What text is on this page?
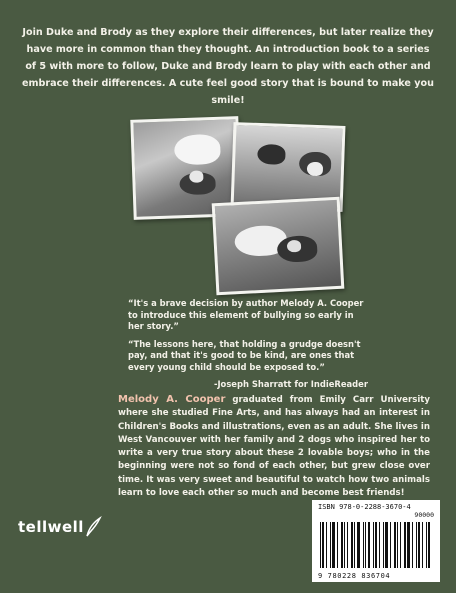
Join Duke and Brody as they explore their differences, but later realize they have more in common than they thought. An introduction book to a series of 5 with more to follow, Duke and Brody learn to play with each other and embrace their differences. A cute feel good story that is bound to make you smile!

“It's a brave decision by author Melody A. Cooper to introduce this element of bullying so early in her story.”

“The lessons here, that holding a grudge doesn't pay, and that it's good to be kind, are ones that every young child should be exposed to.”

-Joseph Sharratt for IndieReader
Melody A. Cooper graduated from Emily Carr University where she studied Fine Arts, and has always had an interest in Children's Books and illustrations, even as an adult. She lives in West Vancouver with her family and 2 dogs who inspired her to write a very true story about these 2 lovable boys; who in the beginning were not so fond of each other, but grew close over time. It was very sweet and beautiful to watch how two animals learn to love each other so much and become best friends!
tellwell
ISBN 978-0-2288-3670-4
90000
9 780228 836704
